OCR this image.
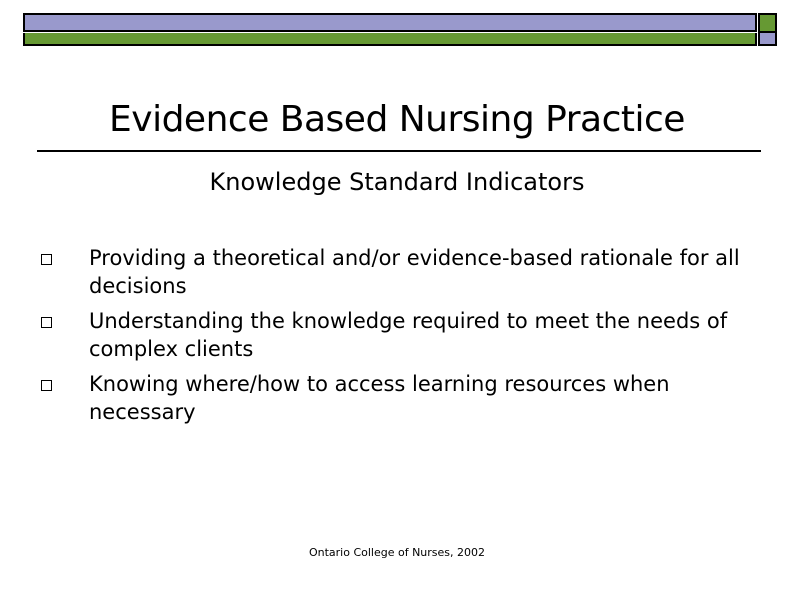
Evidence Based Nursing Practice
Knowledge Standard Indicators
Providing a theoretical and/or evidence-based rationale for all decisions
Understanding the knowledge required to meet the needs of complex clients
Knowing where/how to access learning resources when necessary
Ontario College of Nurses, 2002
